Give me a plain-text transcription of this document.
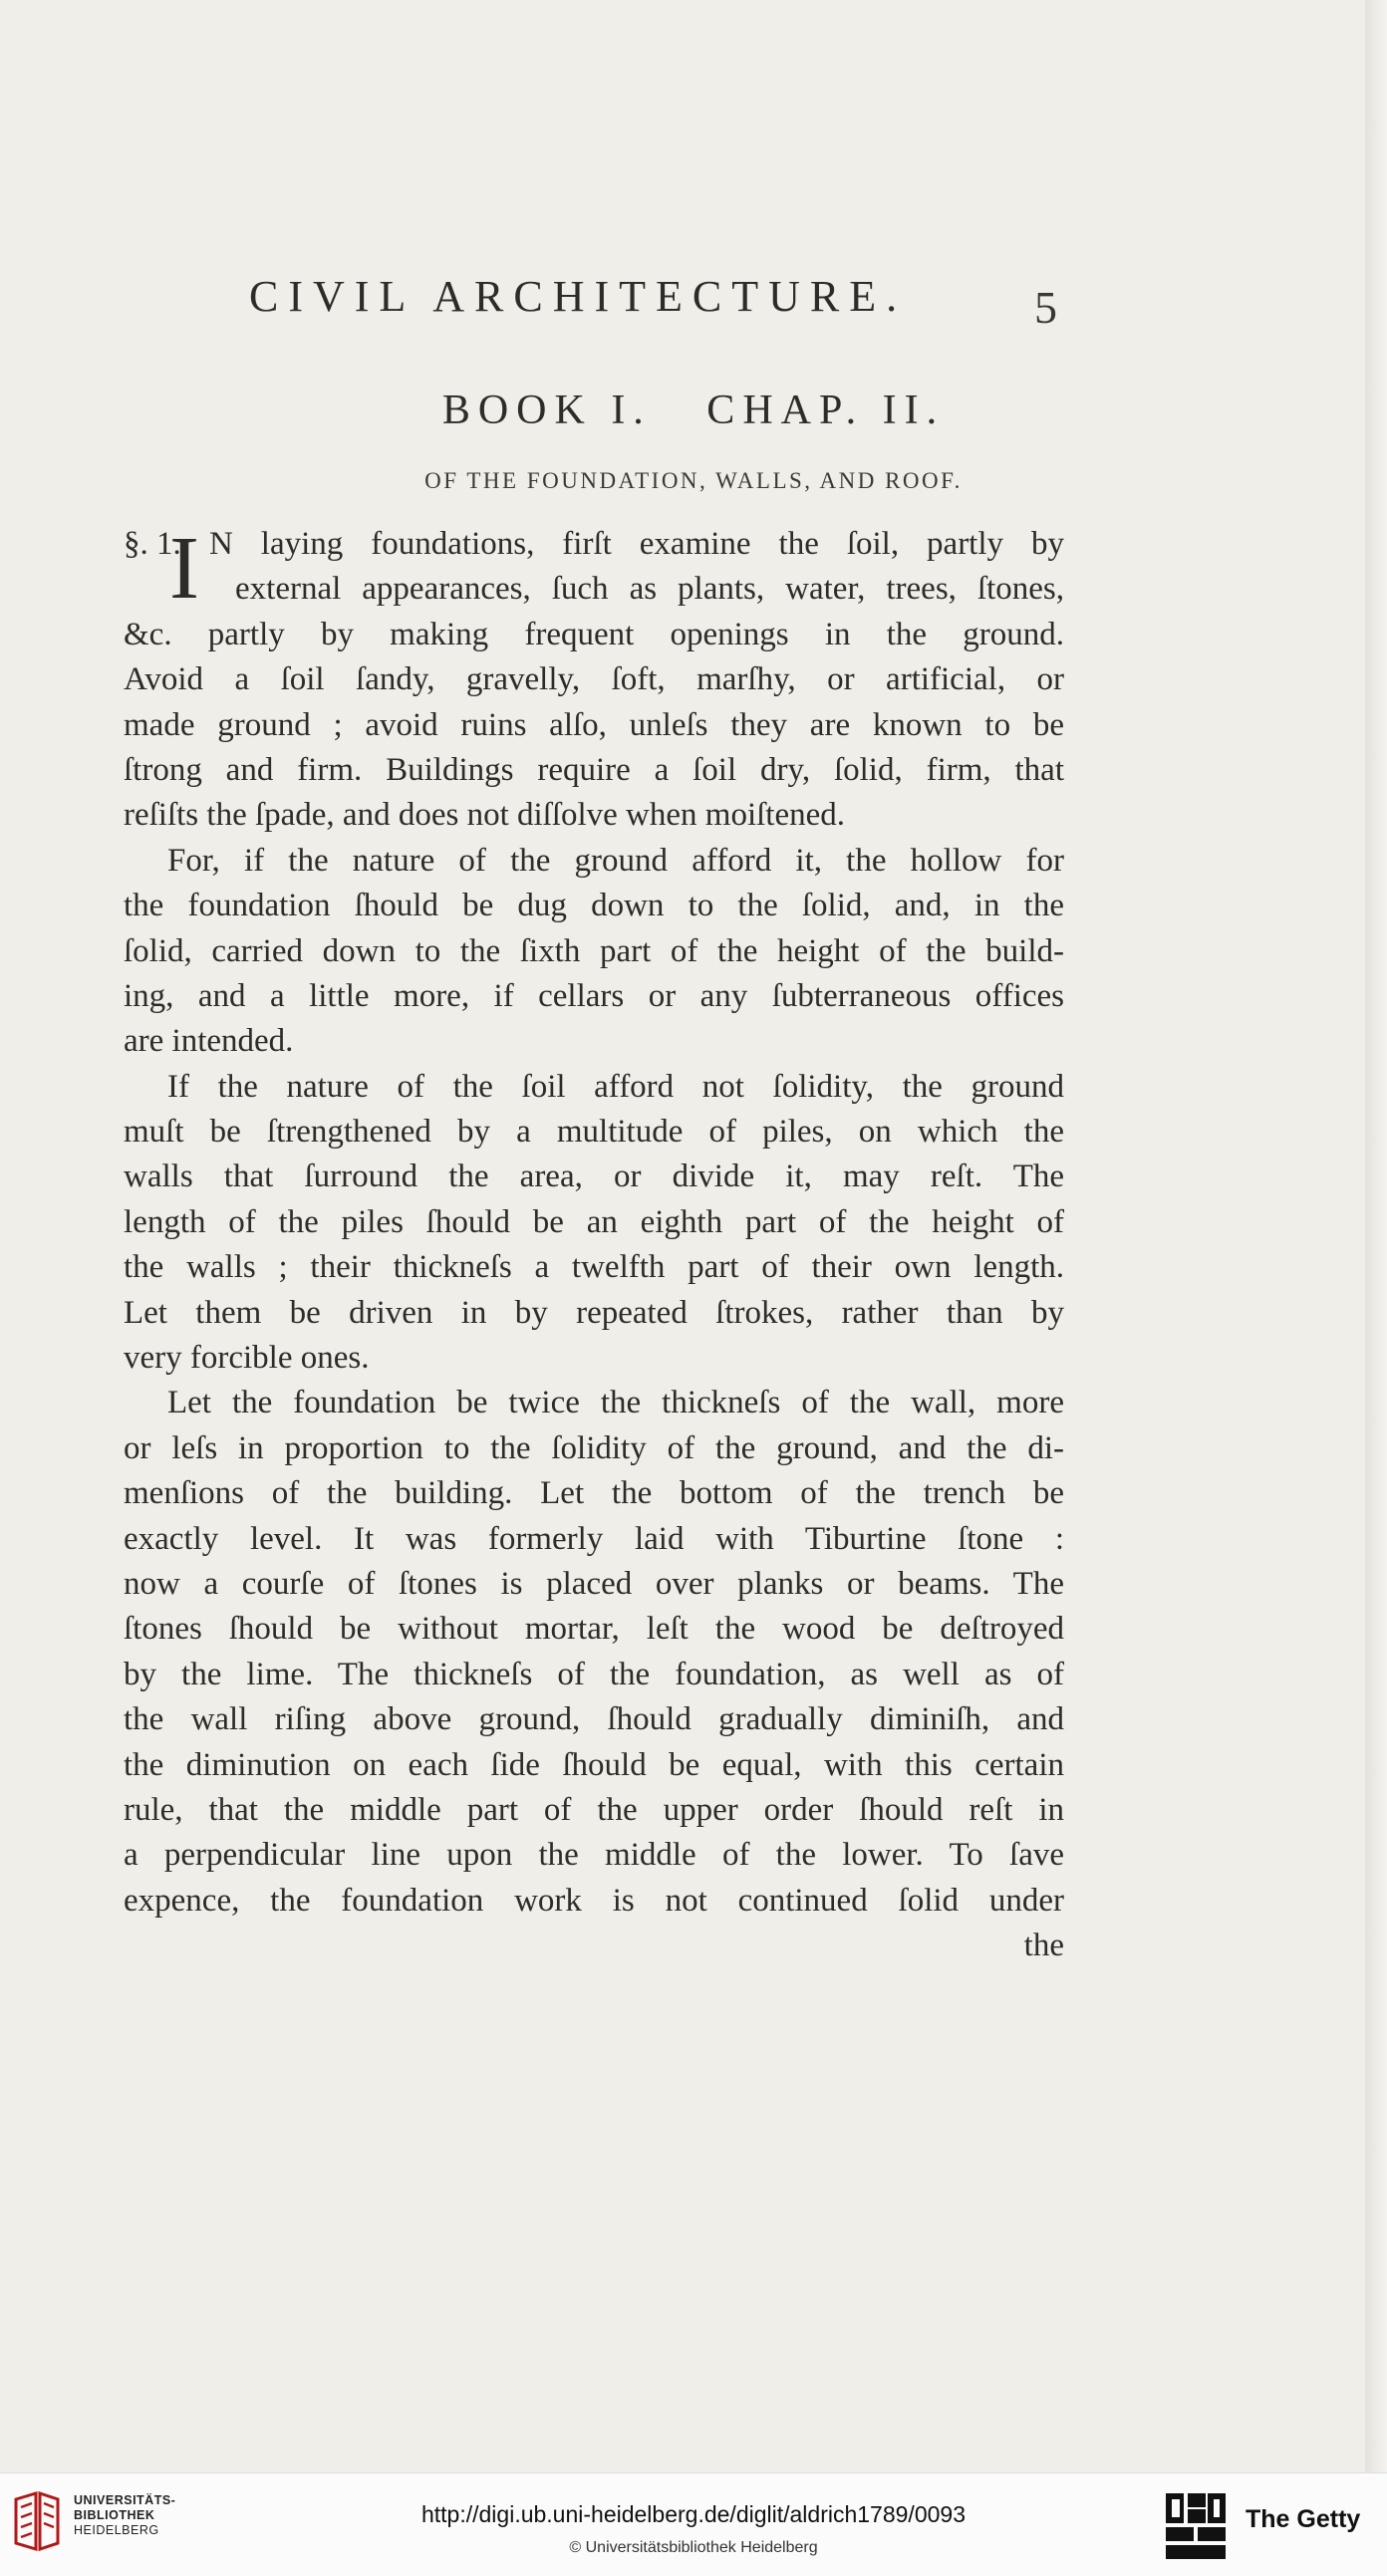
CIVIL ARCHITECTURE.	5
BOOK I.   CHAP. II.
OF THE FOUNDATION, WALLS, AND ROOF.
§. 1.
I N laying foundations, firſt examine the ſoil, partly by
external appearances, ſuch as plants, water, trees, ſtones,
&c. partly by making frequent openings in the ground.
Avoid a ſoil ſandy, gravelly, ſoft, marſhy, or artificial, or
made ground ; avoid ruins alſo, unleſs they are known to be
ſtrong and firm. Buildings require a ſoil dry, ſolid, firm, that
reſiſts the ſpade, and does not diſſolve when moiſtened.
For, if the nature of the ground afford it, the hollow for
the foundation ſhould be dug down to the ſolid, and, in the
ſolid, carried down to the ſixth part of the height of the build-
ing, and a little more, if cellars or any ſubterraneous offices
are intended.
If the nature of the ſoil afford not ſolidity, the ground
muſt be ſtrengthened by a multitude of piles, on which the
walls that ſurround the area, or divide it, may reſt. The
length of the piles ſhould be an eighth part of the height of
the walls ; their thickneſs a twelfth part of their own length.
Let them be driven in by repeated ſtrokes, rather than by
very forcible ones.
Let the foundation be twice the thickneſs of the wall, more
or leſs in proportion to the ſolidity of the ground, and the di-
menſions of the building. Let the bottom of the trench be
exactly level. It was formerly laid with Tiburtine ſtone :
now a courſe of ſtones is placed over planks or beams. The
ſtones ſhould be without mortar, leſt the wood be deſtroyed
by the lime. The thickneſs of the foundation, as well as of
the wall riſing above ground, ſhould gradually diminiſh, and
the diminution on each ſide ſhould be equal, with this certain
rule, that the middle part of the upper order ſhould reſt in
a perpendicular line upon the middle of the lower. To ſave
expence, the foundation work is not continued ſolid under
the
UNIVERSITÄTS-
BIBLIOTHEK
HEIDELBERG
http://digi.ub.uni-heidelberg.de/diglit/aldrich1789/0093
© Universitätsbibliothek Heidelberg
The Getty
